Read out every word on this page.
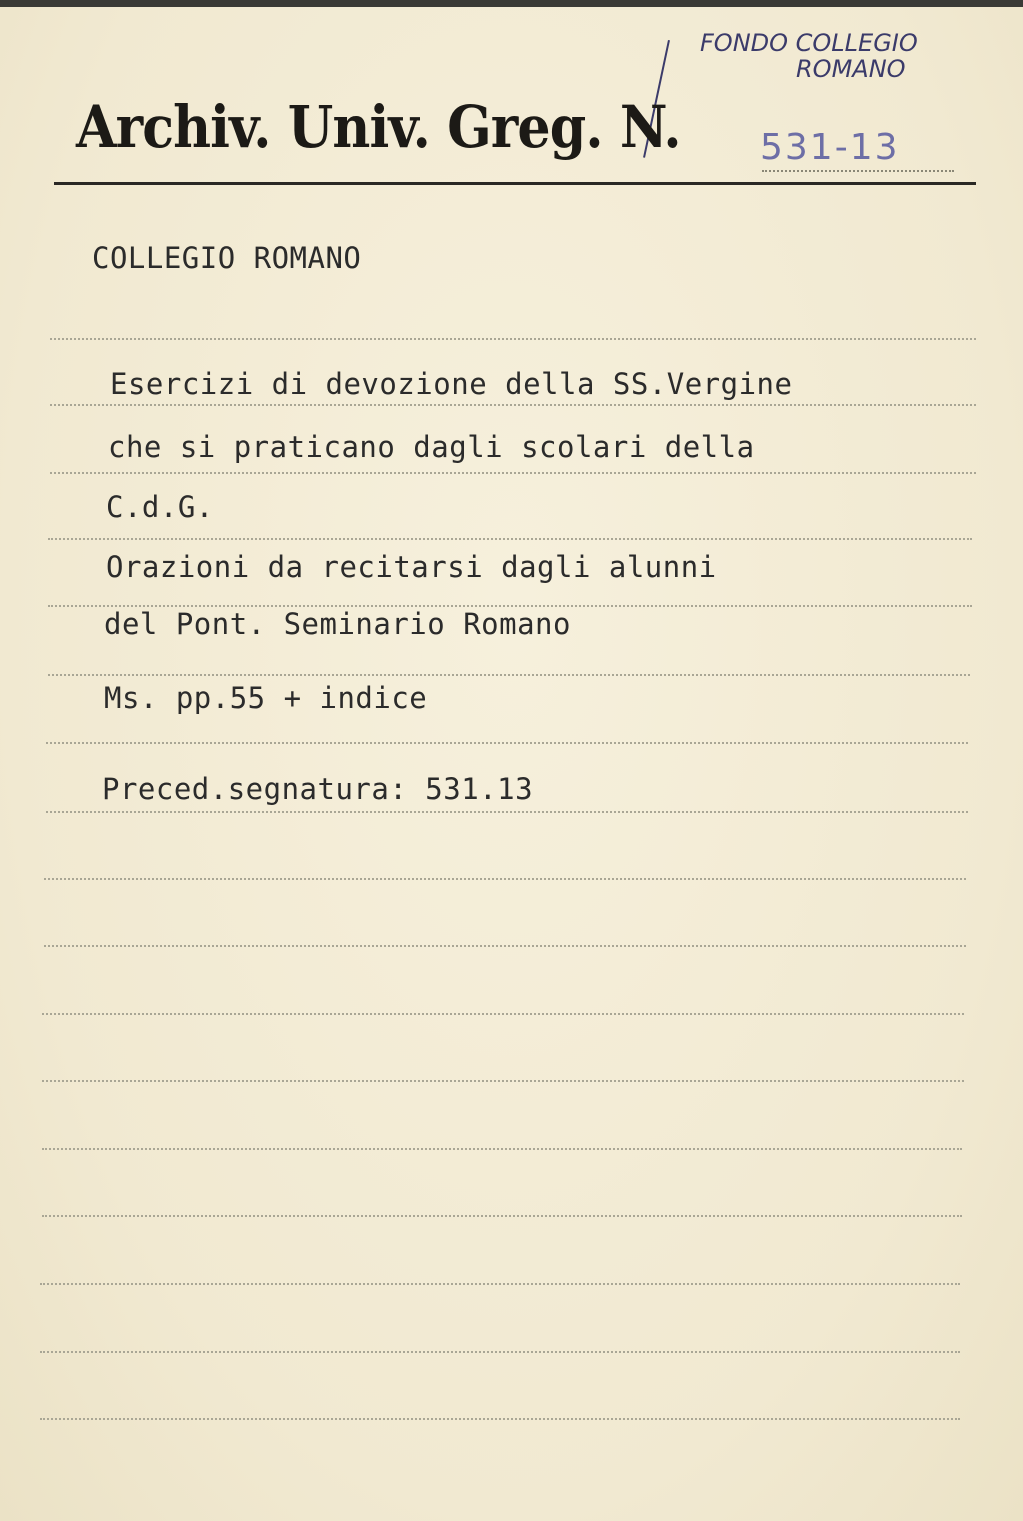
FONDO COLLEGIO
ROMANO
Archiv. Univ. Greg. N. 531-13
COLLEGIO ROMANO
Esercizi di devozione della SS.Vergine
che si praticano dagli scolari della
C.d.G.
Orazioni da recitarsi dagli alunni
del Pont. Seminario Romano
Ms. pp.55 + indice
Preced.segnatura: 531.13
